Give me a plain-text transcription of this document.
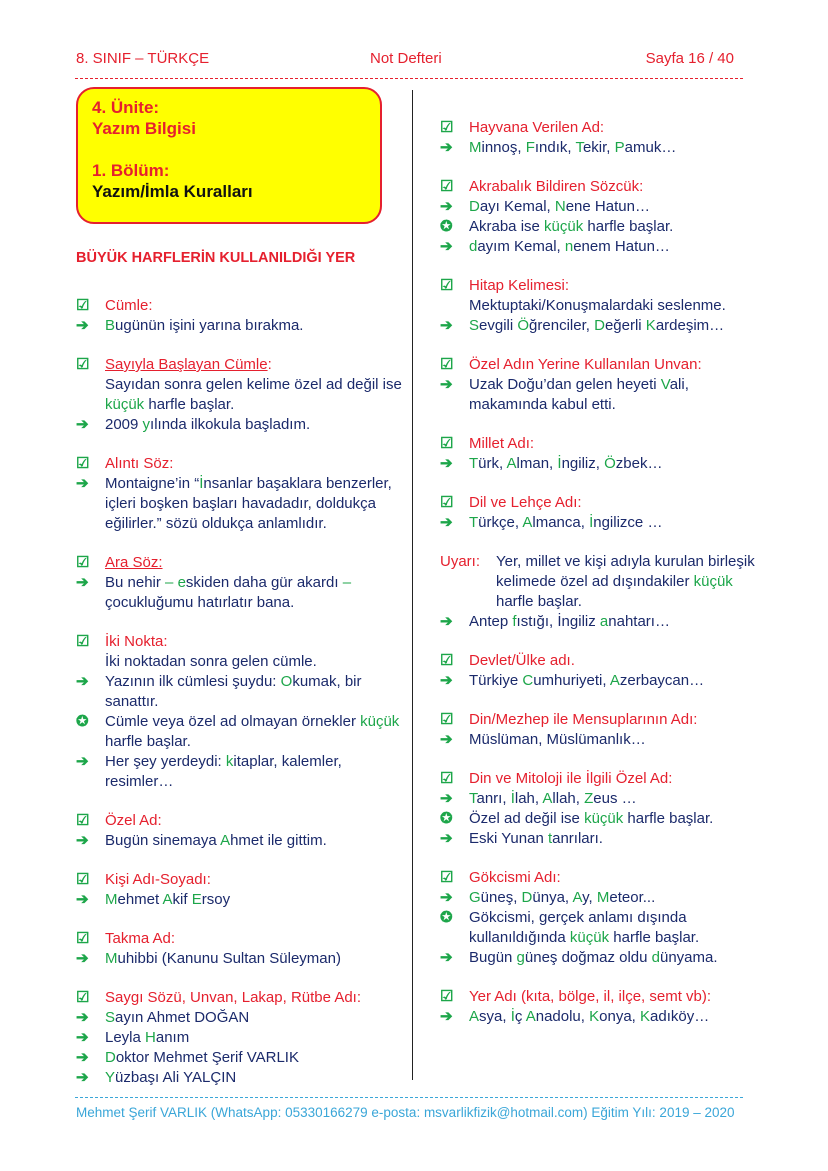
8. SINIF – TÜRKÇE	Not Defteri	Sayfa 16 / 40
4. Ünite:
Yazım Bilgisi
1. Bölüm:
Yazım/İmla Kuralları
BÜYÜK HARFLERİN KULLANILDIĞI YER
☑	Cümle:
➔	Bugünün işini yarına bırakma.
☑	Sayıyla Başlayan Cümle :
Sayıdan sonra gelen kelime özel ad değil ise küçük harfle başlar.
➔	2009 yılında ilkokula başladım.
☑	Alıntı Söz:
➔	Montaigne’in “İnsanlar başaklara benzerler, içleri boşken başları havadadır, doldukça eğilirler.” sözü oldukça anlamlıdır.
☑	Ara Söz:
➔	Bu nehir – eskiden daha gür akardı – çocukluğumu hatırlatır bana.
☑	İki Nokta:
İki noktadan sonra gelen cümle.
➔	Yazının ilk cümlesi şuydu: Okumak, bir sanattır.
✪	Cümle veya özel ad olmayan örnekler küçük harfle başlar.
➔	Her şey yerdeydi: kitaplar, kalemler, resimler…
☑	Özel Ad:
➔	Bugün sinemaya Ahmet ile gittim.
☑	Kişi Adı-Soyadı:
➔	Mehmet Akif Ersoy
☑	Takma Ad:
➔	Muhibbi (Kanunu Sultan Süleyman)
☑	Saygı Sözü, Unvan, Lakap, Rütbe Adı:
➔	Sayın Ahmet DOĞAN
➔	Leyla Hanım
➔	Doktor Mehmet Şerif VARLIK
➔	Yüzbaşı Ali YALÇIN
☑	Hayvana Verilen Ad:
➔	Minnoş, Fındık, Tekir, Pamuk…
☑	Akrabalık Bildiren Sözcük:
➔	Dayı Kemal, Nene Hatun…
✪	Akraba ise küçük harfle başlar.
➔	dayım Kemal, nenem Hatun…
☑	Hitap Kelimesi:
Mektuptaki/Konuşmalardaki seslenme.
➔	Sevgili Öğrenciler, Değerli Kardeşim…
☑	Özel Adın Yerine Kullanılan Unvan:
➔	Uzak Doğu’dan gelen heyeti Vali, makamında kabul etti.
☑	Millet Adı:
➔	Türk, Alman, İngiliz, Özbek…
☑	Dil ve Lehçe Adı:
➔	Türkçe, Almanca, İngilizce …
Uyarı:	Yer, millet ve kişi adıyla kurulan birleşik kelimede özel ad dışındakiler küçük harfle başlar.
➔	Antep fıstığı, İngiliz anahtarı…
☑	Devlet/Ülke adı.
➔	Türkiye Cumhuriyeti, Azerbaycan…
☑	Din/Mezhep ile Mensuplarının Adı:
➔	Müslüman, Müslümanlık…
☑	Din ve Mitoloji ile İlgili Özel Ad:
➔	Tanrı, İlah, Allah, Zeus …
✪	Özel ad değil ise küçük harfle başlar.
➔	Eski Yunan tanrıları.
☑	Gökcismi Adı:
➔	Güneş, Dünya, Ay, Meteor...
✪	Gökcismi, gerçek anlamı dışında kullanıldığında küçük harfle başlar.
➔	Bugün güneş doğmaz oldu dünyama.
☑	Yer Adı (kıta, bölge, il, ilçe, semt vb):
➔	Asya, İç Anadolu, Konya, Kadıköy…
Mehmet Şerif VARLIK (WhatsApp: 05330166279 e-posta: msvarlikfizik@hotmail.com) Eğitim Yılı: 2019 – 2020
